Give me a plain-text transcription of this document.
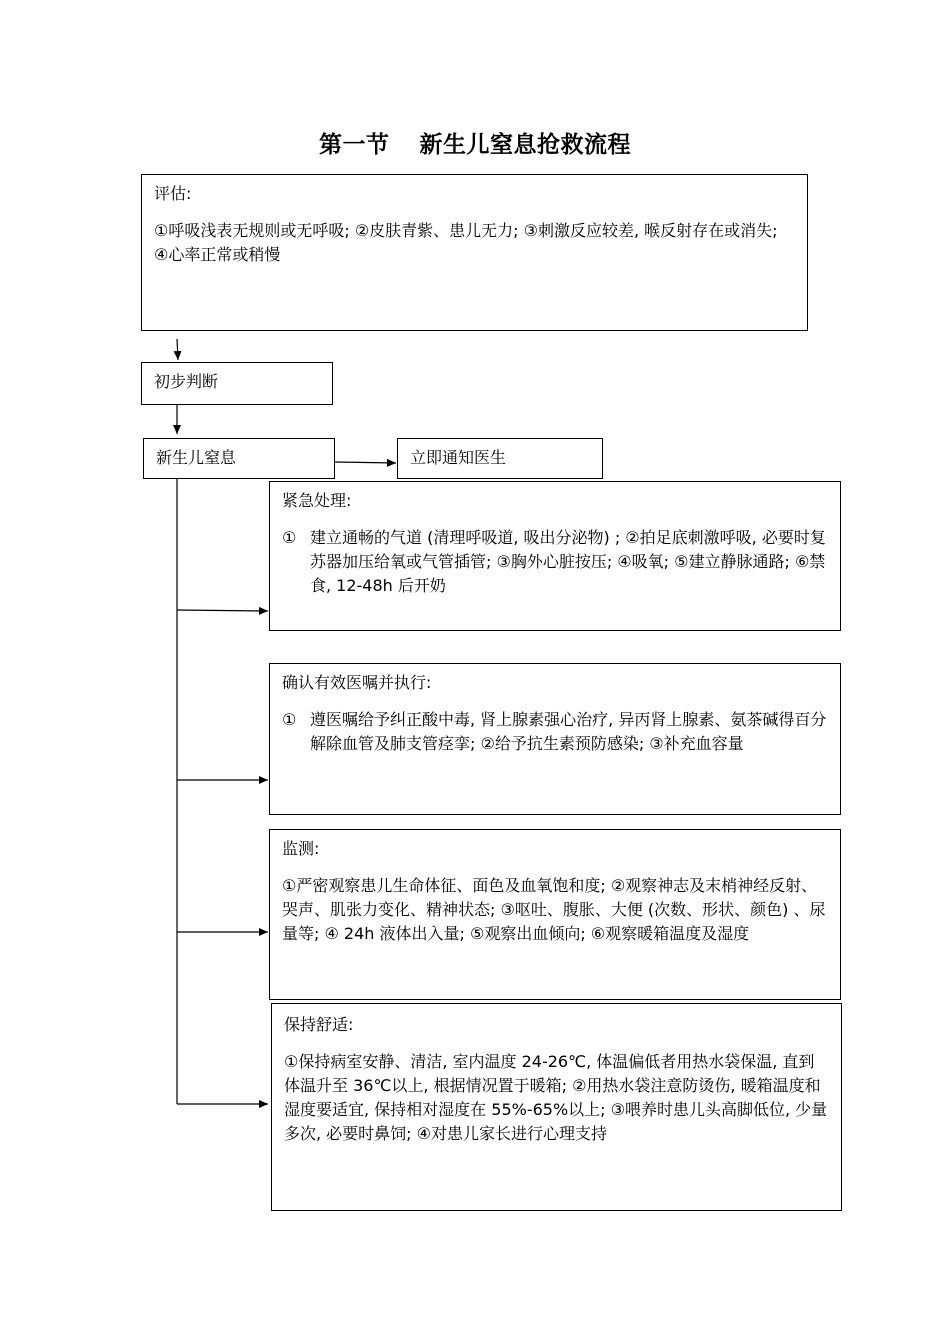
第一节 新生儿窒息抢救流程
评估:
①呼吸浅表无规则或无呼吸; ②皮肤青紫、患儿无力; ③刺激反应较差, 喉反射存在或消失; ④心率正常或稍慢
初步判断
新生儿窒息	立即通知医生
紧急处理:
① 建立通畅的气道 (清理呼吸道, 吸出分泌物) ; ②拍足底刺激呼吸, 必要时复苏器加压给氧或气管插管; ③胸外心脏按压; ④吸氧; ⑤建立静脉通路; ⑥禁食, 12-48h 后开奶
确认有效医嘱并执行:
① 遵医嘱给予纠正酸中毒, 肾上腺素强心治疗, 异丙肾上腺素、氨茶碱得百分解除血管及肺支管痉挛; ②给予抗生素预防感染; ③补充血容量
监测:
①严密观察患儿生命体征、面色及血氧饱和度; ②观察神志及末梢神经反射、哭声、肌张力变化、精神状态; ③呕吐、腹胀、大便 (次数、形状、颜色) 、尿量等; ④ 24h 液体出入量; ⑤观察出血倾向; ⑥观察暖箱温度及湿度
保持舒适:
①保持病室安静、清洁, 室内温度 24-26℃, 体温偏低者用热水袋保温, 直到体温升至 36℃以上, 根据情况置于暖箱; ②用热水袋注意防烫伤, 暖箱温度和湿度要适宜, 保持相对湿度在 55%-65%以上; ③喂养时患儿头高脚低位, 少量多次, 必要时鼻饲; ④对患儿家长进行心理支持
